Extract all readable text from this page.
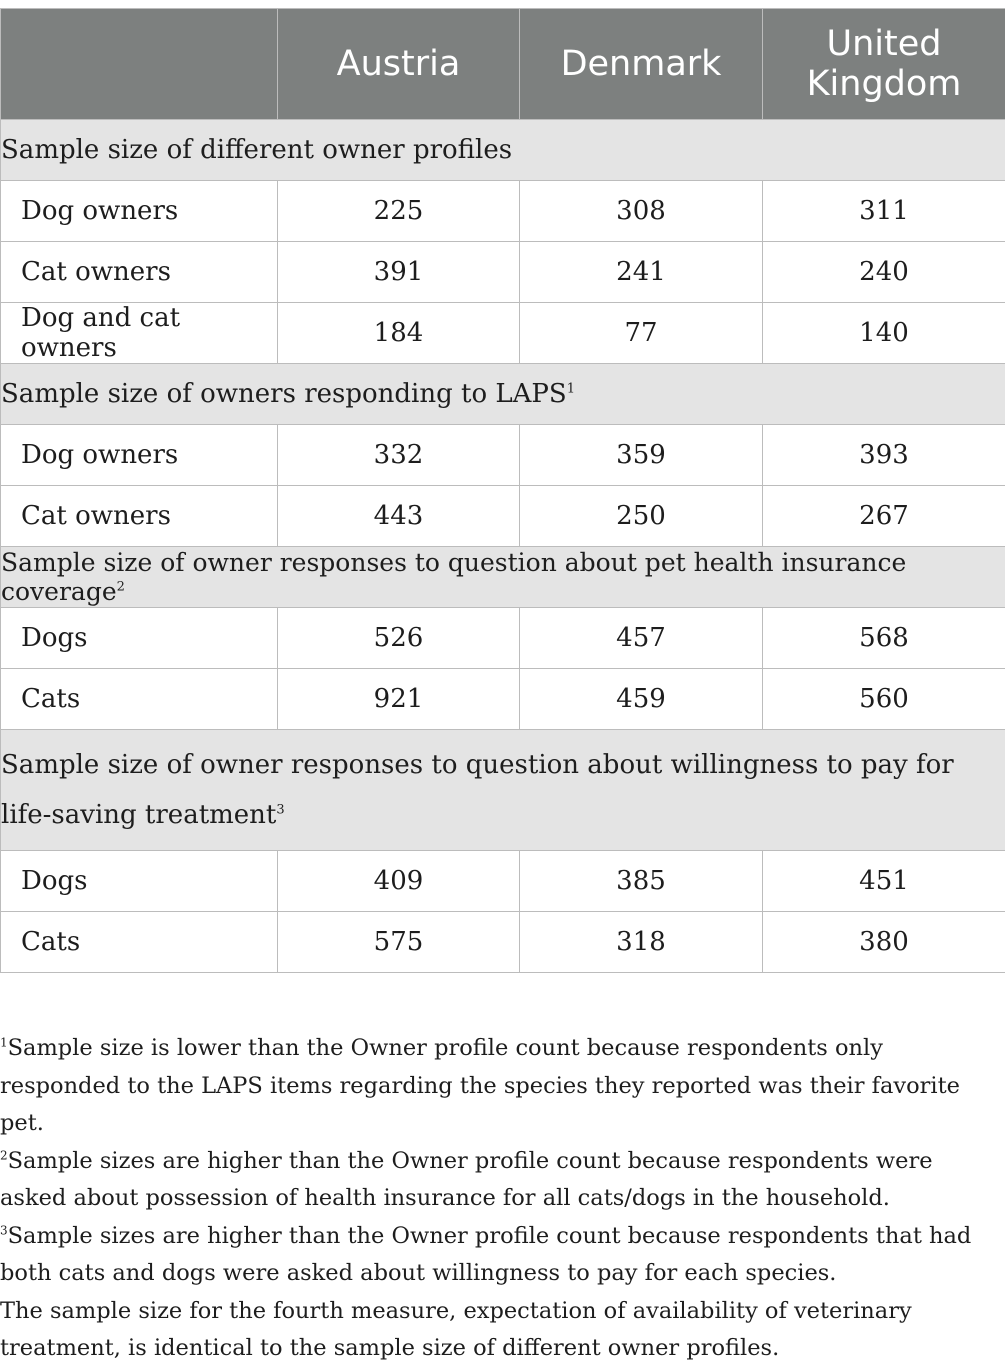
	Austria	Denmark	United Kingdom
Sample size of different owner profiles			
Dog owners	225	308	311
Cat owners	391	241	240
Dog and cat owners	184	77	140
Sample size of owners responding to LAPS$^1$
Dog owners	332	359	393
Cat owners	443	250	267
Sample size of owner responses to question about pet health insurance coverage$^2$
Dogs	526	457	568
Cats	921	459	560
Sample size of owner responses to question about willingness to pay for life-saving treatment$^3$
Dogs	409	385	451
Cats	575	318	380
$^1$Sample size is lower than the Owner profile count because respondents only responded to the LAPS items regarding the species they reported was their favorite pet.
$^2$Sample sizes are higher than the Owner profile count because respondents were asked about possession of health insurance for all cats/dogs in the household.
$^3$Sample sizes are higher than the Owner profile count because respondents that had both cats and dogs were asked about willingness to pay for each species.
The sample size for the fourth measure, expectation of availability of veterinary treatment, is identical to the sample size of different owner profiles.
